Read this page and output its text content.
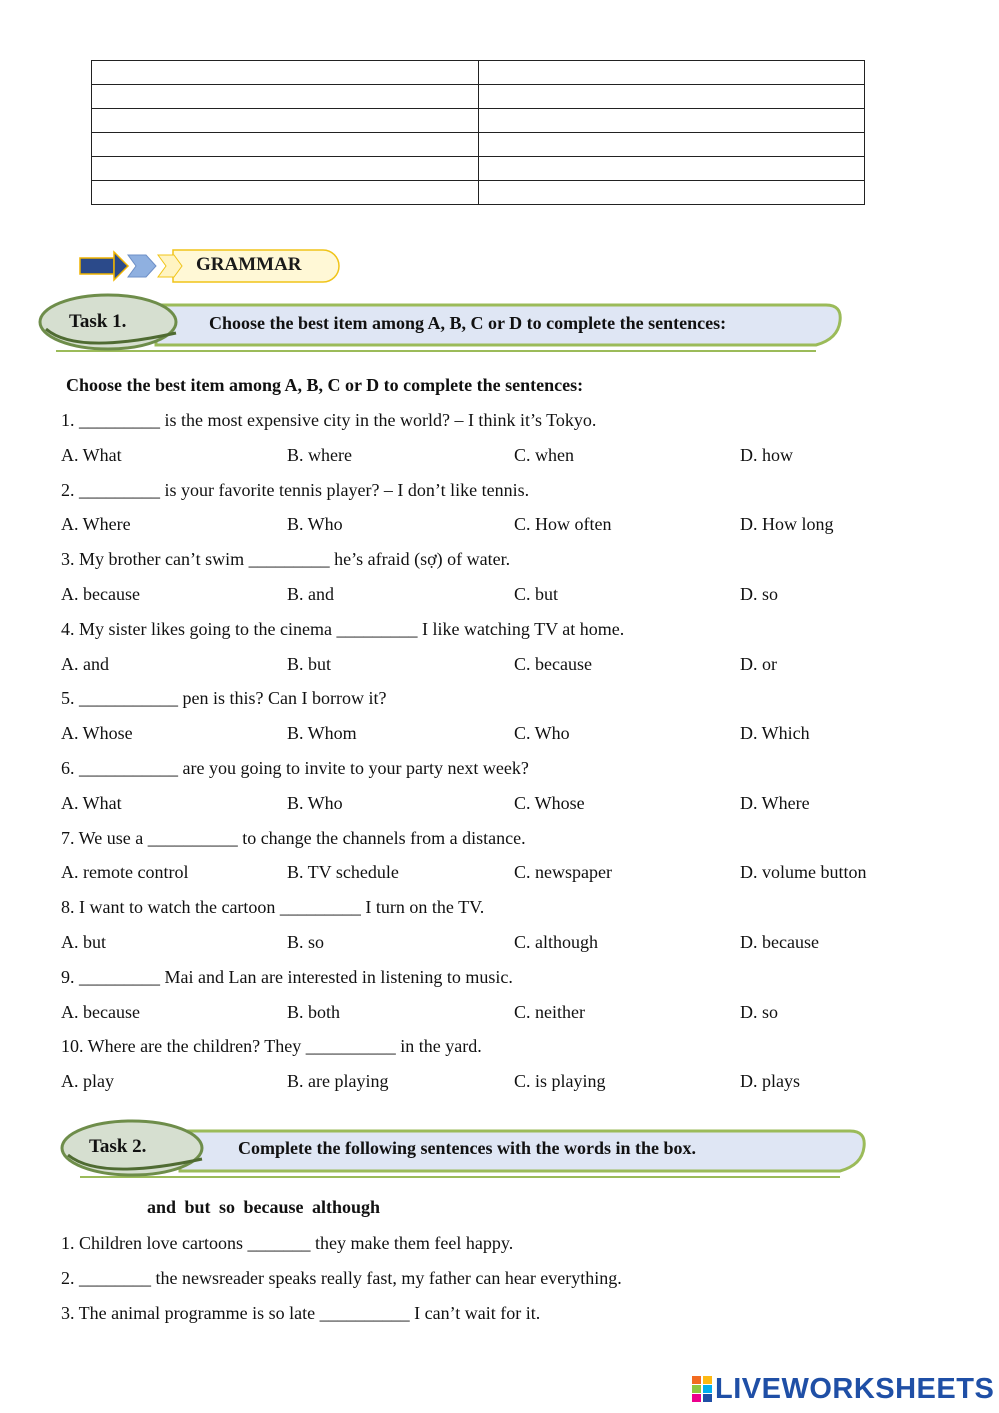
GRAMMAR
Task 1.	Choose the best item among A, B, C or D to complete the sentences:
Choose the best item among A, B, C or D to complete the sentences:
1. _________ is the most expensive city in the world? – I think it’s Tokyo.
A. What	B. where	C. when	D. how
2. _________ is your favorite tennis player? – I don’t like tennis.
A. Where	B. Who	C. How often	D. How long
3. My brother can’t swim _________ he’s afraid (sợ) of water.
A. because	B. and	C. but	D. so
4. My sister likes going to the cinema _________ I like watching TV at home.
A. and	B. but	C. because	D. or
5. ___________ pen is this? Can I borrow it?
A. Whose	B. Whom	C. Who	D. Which
6. ___________ are you going to invite to your party next week?
A. What	B. Who	C. Whose	D. Where
7. We use a __________ to change the channels from a distance.
A. remote control	B. TV schedule	C. newspaper	D. volume button
8. I want to watch the cartoon _________ I turn on the TV.
A. but	B. so	C. although	D. because
9. _________ Mai and Lan are interested in listening to music.
A. because	B. both	C. neither	D. so
10. Where are the children? They __________ in the yard.
A. play	B. are playing	C. is playing	D. plays
Task 2.	Complete the following sentences with the words in the box.
and but so because although
1. Children love cartoons _______ they make them feel happy.
2. ________ the newsreader speaks really fast, my father can hear everything.
3. The animal programme is so late __________ I can’t wait for it.
LIVEWORKSHEETS
